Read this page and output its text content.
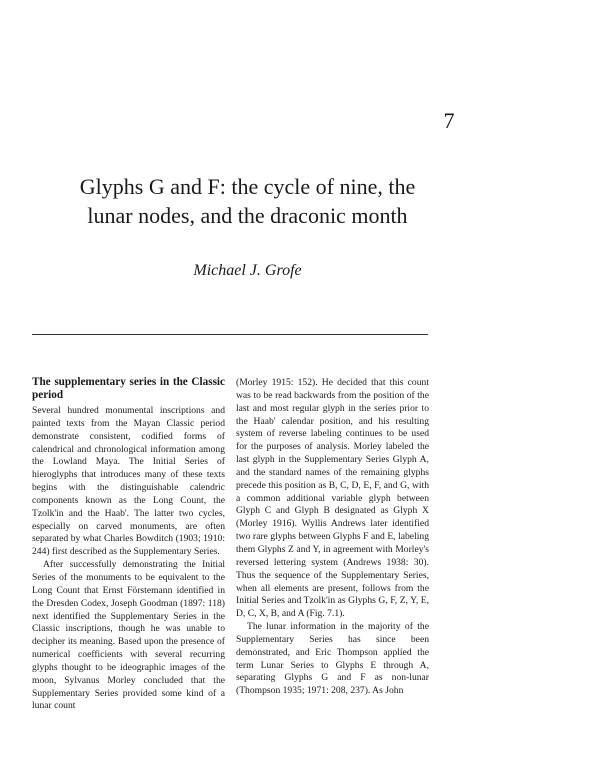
7
Glyphs G and F: the cycle of nine, the
lunar nodes, and the draconic month
Michael J. Grofe
The supplementary series in the Classic period

Several hundred monumental inscriptions and painted texts from the Mayan Classic period demonstrate consistent, codified forms of calendrical and chronological information among the Lowland Maya. The Initial Series of hieroglyphs that introduces many of these texts begins with the distinguishable calendric components known as the Long Count, the Tzolk'in and the Haab'. The latter two cycles, especially on carved monuments, are often separated by what Charles Bowditch (1903; 1910: 244) first described as the Supplementary Series.

After successfully demonstrating the Initial Series of the monuments to be equivalent to the Long Count that Ernst Förstemann identified in the Dresden Codex, Joseph Goodman (1897: 118) next identified the Supplementary Series in the Classic inscriptions, though he was unable to decipher its meaning. Based upon the presence of numerical coefficients with several recurring glyphs thought to be ideographic images of the moon, Sylvanus Morley concluded that the Supplementary Series provided some kind of a lunar count

(Morley 1915: 152). He decided that this count was to be read backwards from the position of the last and most regular glyph in the series prior to the Haab' calendar position, and his resulting system of reverse labeling continues to be used for the purposes of analysis. Morley labeled the last glyph in the Supplementary Series Glyph A, and the standard names of the remaining glyphs precede this position as B, C, D, E, F, and G, with a common additional variable glyph between Glyph C and Glyph B designated as Glyph X (Morley 1916). Wyllis Andrews later identified two rare glyphs between Glyphs F and E, labeling them Glyphs Z and Y, in agreement with Morley's reversed lettering system (Andrews 1938: 30). Thus the sequence of the Supplementary Series, when all elements are present, follows from the Initial Series and Tzolk'in as Glyphs G, F, Z, Y, E, D, C, X, B, and A (Fig. 7.1).

The lunar information in the majority of the Supplementary Series has since been demonstrated, and Eric Thompson applied the term Lunar Series to Glyphs E through A, separating Glyphs G and F as non-lunar (Thompson 1935; 1971: 208, 237). As John
